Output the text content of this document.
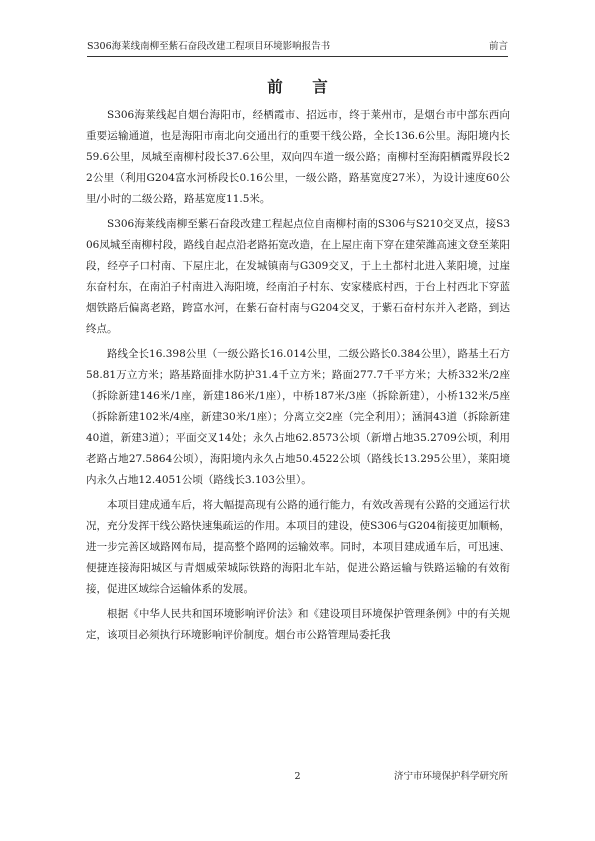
S306海莱线南柳至紫石奋段改建工程项目环境影响报告书	前言
前 言

S306海莱线起自烟台海阳市，经栖霞市、招远市，终于莱州市，是烟台市中部东西向重要运输通道，也是海阳市南北向交通出行的重要干线公路，全长136.6公里。海阳境内长59.6公里，凤城至南柳村段长37.6公里，双向四车道一级公路；南柳村至海阳栖霞界段长22公里（利用G204富水河桥段长0.16公里，一级公路，路基宽度27米），为设计速度60公里/小时的二级公路，路基宽度11.5米。

S306海莱线南柳至紫石奋段改建工程起点位自南柳村南的S306与S210交叉点，接S306凤城至南柳村段，路线自起点沿老路拓宽改造，在上屋庄南下穿在建荣潍高速文登至莱阳段，经亭子口村南、下屋庄北，在发城镇南与G309交叉，于上土都村北进入莱阳境，过崖东奋村东，在南泊子村南进入海阳境，经南泊子村东、安家楼底村西，于台上村西北下穿蓝烟铁路后偏离老路，跨富水河，在紫石奋村南与G204交叉，于紫石奋村东并入老路，到达终点。

路线全长16.398公里（一级公路长16.014公里，二级公路长0.384公里），路基土石方58.81万立方米；路基路面排水防护31.4千立方米；路面277.7千平方米；大桥332米/2座（拆除新建146米/1座，新建186米/1座），中桥187米/3座（拆除新建），小桥132米/5座（拆除新建102米/4座，新建30米/1座）；分离立交2座（完全利用）；涵洞43道（拆除新建40道，新建3道）；平面交叉14处；永久占地62.8573公顷（新增占地35.2709公顷，利用老路占地27.5864公顷），海阳境内永久占地50.4522公顷（路线长13.295公里），莱阳境内永久占地12.4051公顷（路线长3.103公里）。

本项目建成通车后，将大幅提高现有公路的通行能力，有效改善现有公路的交通运行状况，充分发挥干线公路快速集疏运的作用。本项目的建设，使S306与G204衔接更加顺畅，进一步完善区域路网布局，提高整个路网的运输效率。同时，本项目建成通车后，可迅速、便捷连接海阳城区与青烟威荣城际铁路的海阳北车站，促进公路运输与铁路运输的有效衔接，促进区域综合运输体系的发展。

根据《中华人民共和国环境影响评价法》和《建设项目环境保护管理条例》中的有关规定，该项目必须执行环境影响评价制度。烟台市公路管理局委托我

2	济宁市环境保护科学研究所
